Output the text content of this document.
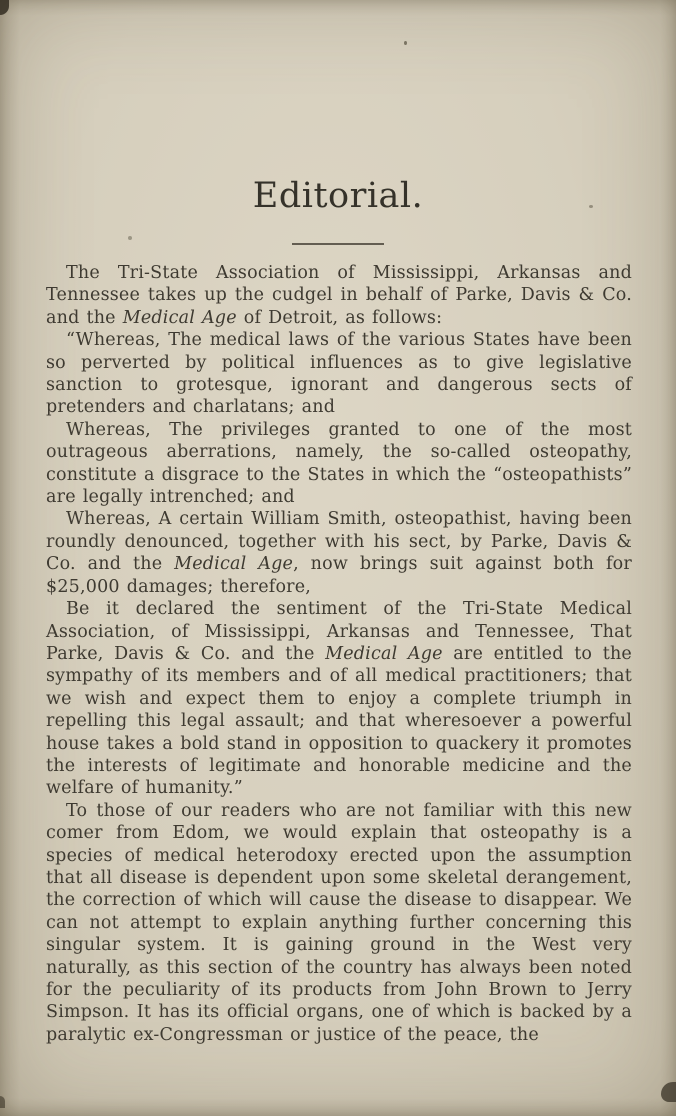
Editorial.

The Tri-State Association of Mississippi, Arkansas and Tennessee takes up the cudgel in behalf of Parke, Davis & Co. and the Medical Age of Detroit, as follows:

“Whereas, The medical laws of the various States have been so perverted by political influences as to give legislative sanction to grotesque, ignorant and dangerous sects of pretenders and charlatans; and

Whereas, The privileges granted to one of the most outrageous aberrations, namely, the so-called osteopathy, constitute a disgrace to the States in which the “osteopathists” are legally intrenched; and

Whereas, A certain William Smith, osteopathist, having been roundly denounced, together with his sect, by Parke, Davis & Co. and the Medical Age, now brings suit against both for $25,000 damages; therefore,

Be it declared the sentiment of the Tri-State Medical Association, of Mississippi, Arkansas and Tennessee, That Parke, Davis & Co. and the Medical Age are entitled to the sympathy of its members and of all medical practitioners; that we wish and expect them to enjoy a complete triumph in repelling this legal assault; and that wheresoever a powerful house takes a bold stand in opposition to quackery it promotes the interests of legitimate and honorable medicine and the welfare of humanity.”

To those of our readers who are not familiar with this new comer from Edom, we would explain that osteopathy is a species of medical heterodoxy erected upon the assumption that all disease is dependent upon some skeletal derangement, the correction of which will cause the disease to disappear. We can not attempt to explain anything further concerning this singular system. It is gaining ground in the West very naturally, as this section of the country has always been noted for the peculiarity of its products from John Brown to Jerry Simpson. It has its official organs, one of which is backed by a paralytic ex-Congressman or justice of the peace, the
